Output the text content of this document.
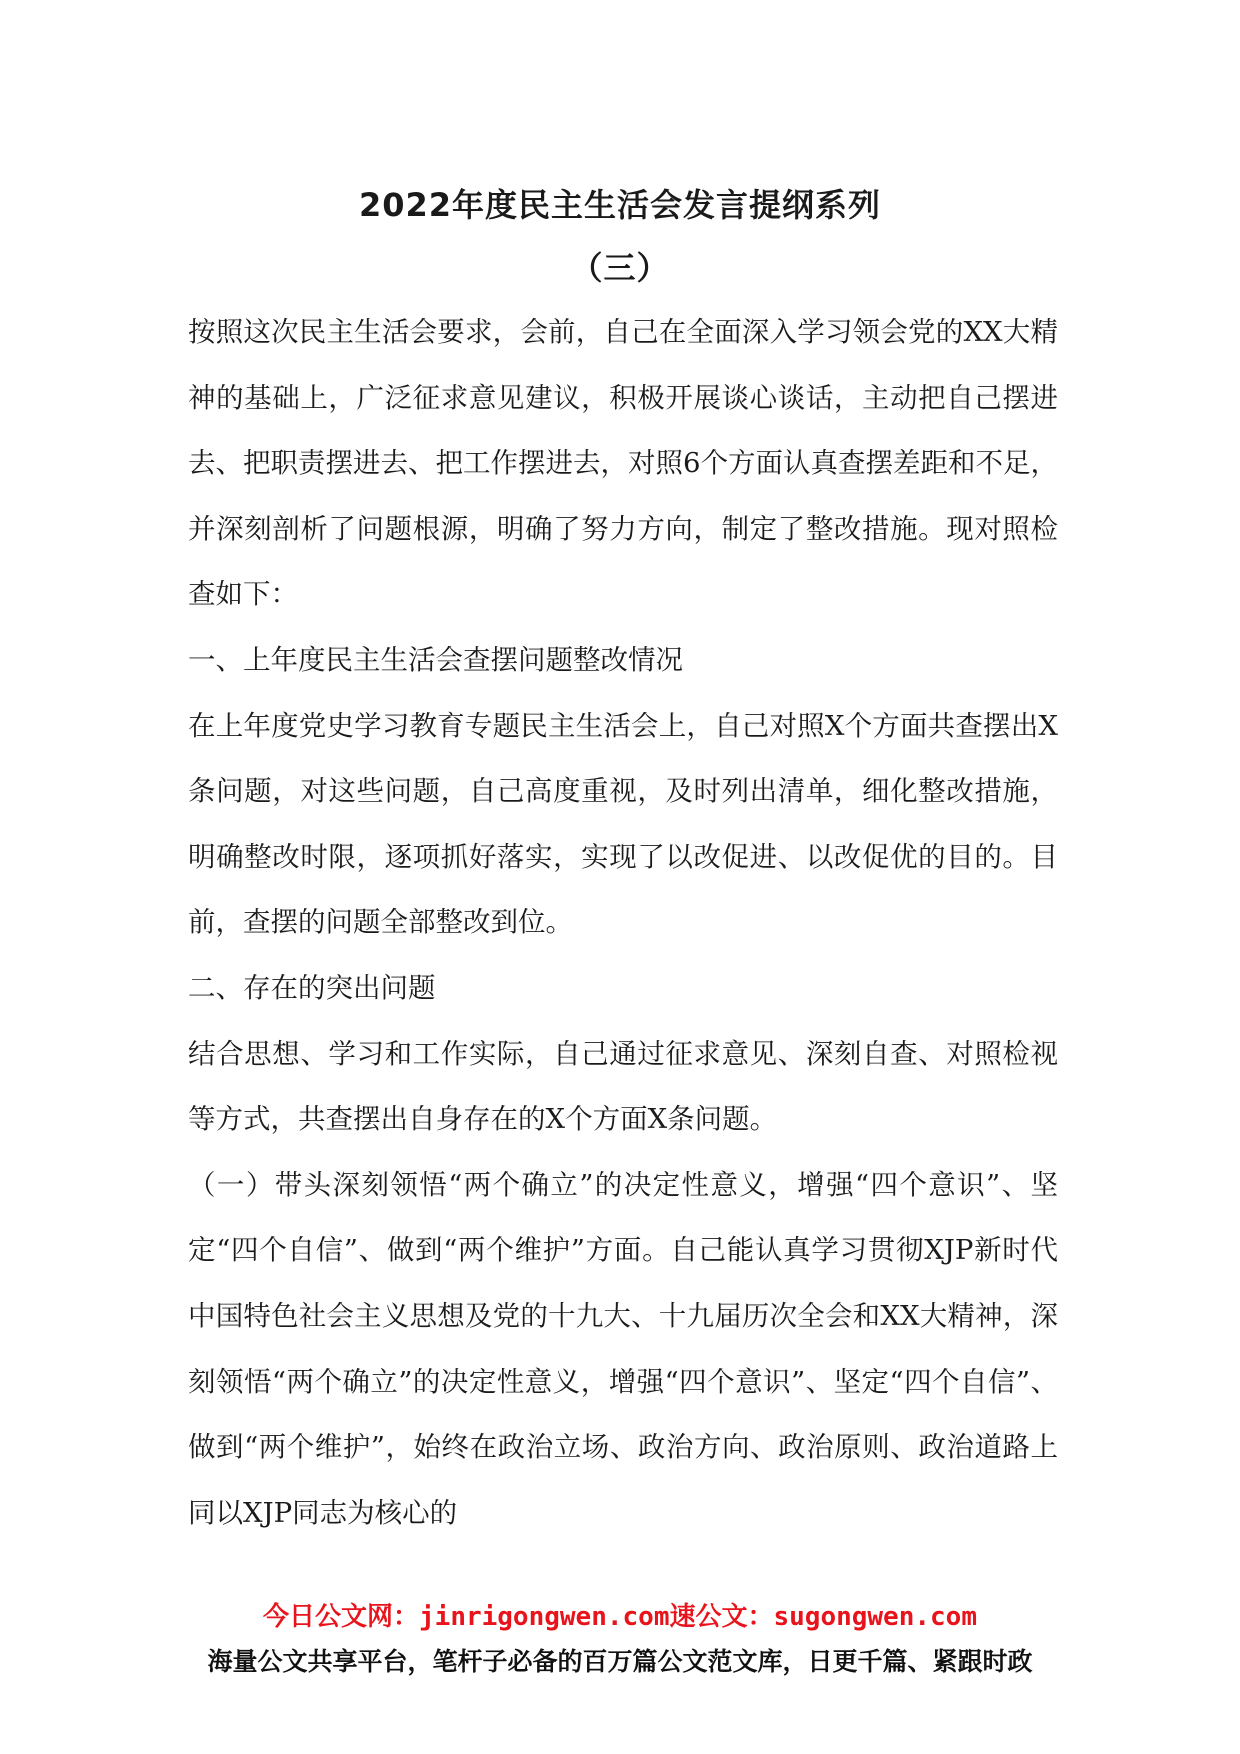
2022年度民主生活会发言提纲系列
（三）

按照这次民主生活会要求，会前，自己在全面深入学习领会党的XX大精神的基础上，广泛征求意见建议，积极开展谈心谈话，主动把自己摆进去、把职责摆进去、把工作摆进去，对照6个方面认真查摆差距和不足，并深刻剖析了问题根源，明确了努力方向，制定了整改措施。现对照检查如下：

一、上年度民主生活会查摆问题整改情况

在上年度党史学习教育专题民主生活会上，自己对照X个方面共查摆出X条问题，对这些问题，自己高度重视，及时列出清单，细化整改措施，明确整改时限，逐项抓好落实，实现了以改促进、以改促优的目的。目前，查摆的问题全部整改到位。

二、存在的突出问题

结合思想、学习和工作实际，自己通过征求意见、深刻自查、对照检视等方式，共查摆出自身存在的X个方面X条问题。

（一）带头深刻领悟“两个确立”的决定性意义，增强“四个意识”、坚定“四个自信”、做到“两个维护”方面。自己能认真学习贯彻XJP新时代中国特色社会主义思想及党的十九大、十九届历次全会和XX大精神，深刻领悟“两个确立”的决定性意义，增强“四个意识”、坚定“四个自信”、做到“两个维护”，始终在政治立场、政治方向、政治原则、政治道路上同以XJP同志为核心的

今日公文网：jinrigongwen.com速公文：sugongwen.com
海量公文共享平台，笔杆子必备的百万篇公文范文库，日更千篇、紧跟时政
